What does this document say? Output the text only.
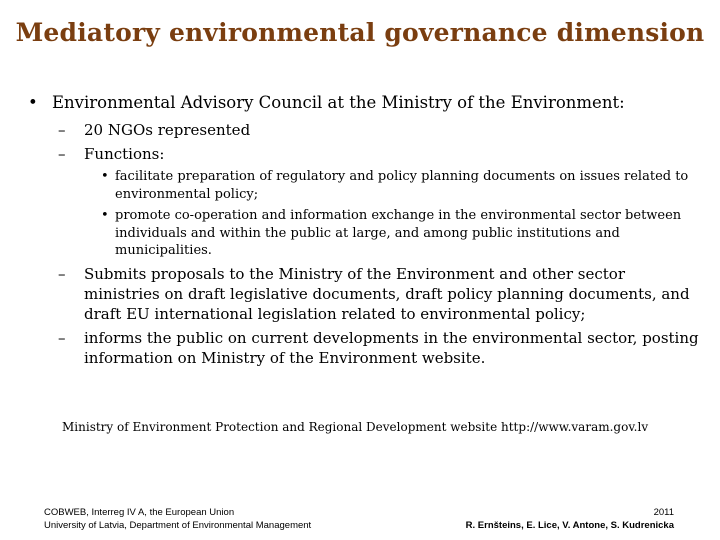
Mediatory environmental governance dimension
• Environmental Advisory Council at the Ministry of the Environment:
– 20 NGOs represented
– Functions:
• facilitate preparation of regulatory and policy planning documents on issues related to environmental policy;
• promote co-operation and information exchange in the environmental sector between individuals and within the public at large, and among public institutions and municipalities.
– Submits proposals to the Ministry of the Environment and other sector ministries on draft legislative documents, draft policy planning documents, and draft EU international legislation related to environmental policy;
– informs the public on current developments in the environmental sector, posting information on Ministry of the Environment website.
Ministry of Environment Protection and Regional Development website http://www.varam.gov.lv
COBWEB, Interreg IV A, the European Union
University of Latvia, Department of Environmental Management
2011
R. Ernšteins, E. Lice, V. Antone, S. Kudrenicka
